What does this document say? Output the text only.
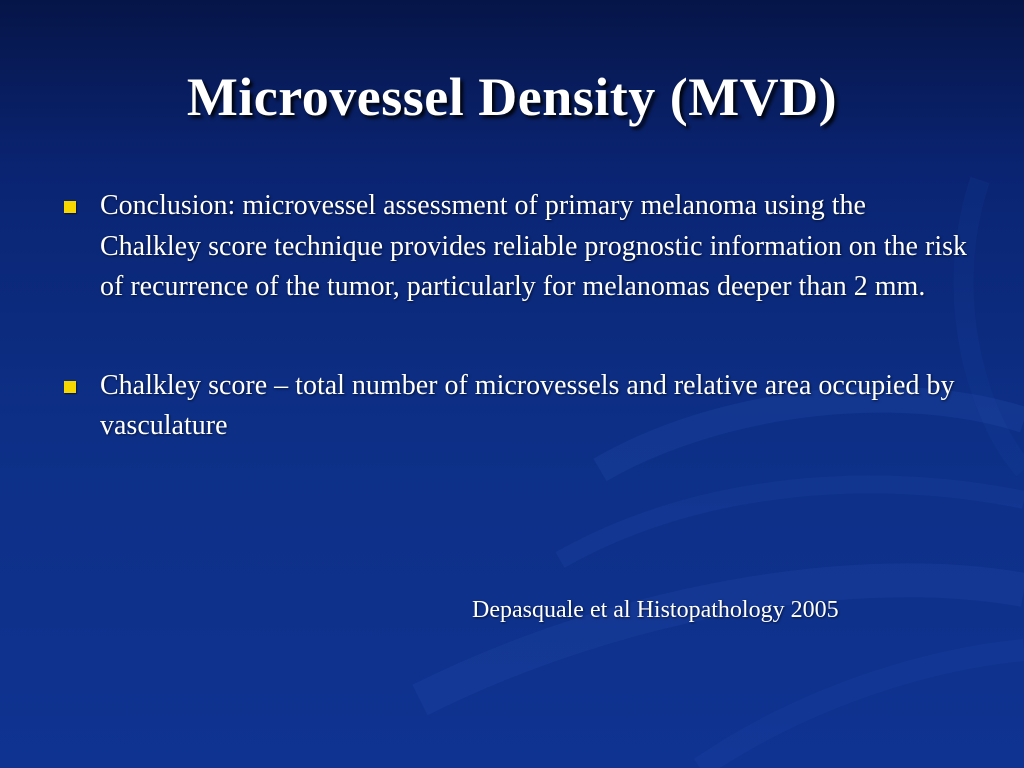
Microvessel Density (MVD)
Conclusion: microvessel assessment of primary melanoma using the Chalkley score technique provides reliable prognostic information on the risk of recurrence of the tumor, particularly for melanomas deeper than 2 mm.
Chalkley score – total number of microvessels and relative area occupied by vasculature
Depasquale et al Histopathology 2005
